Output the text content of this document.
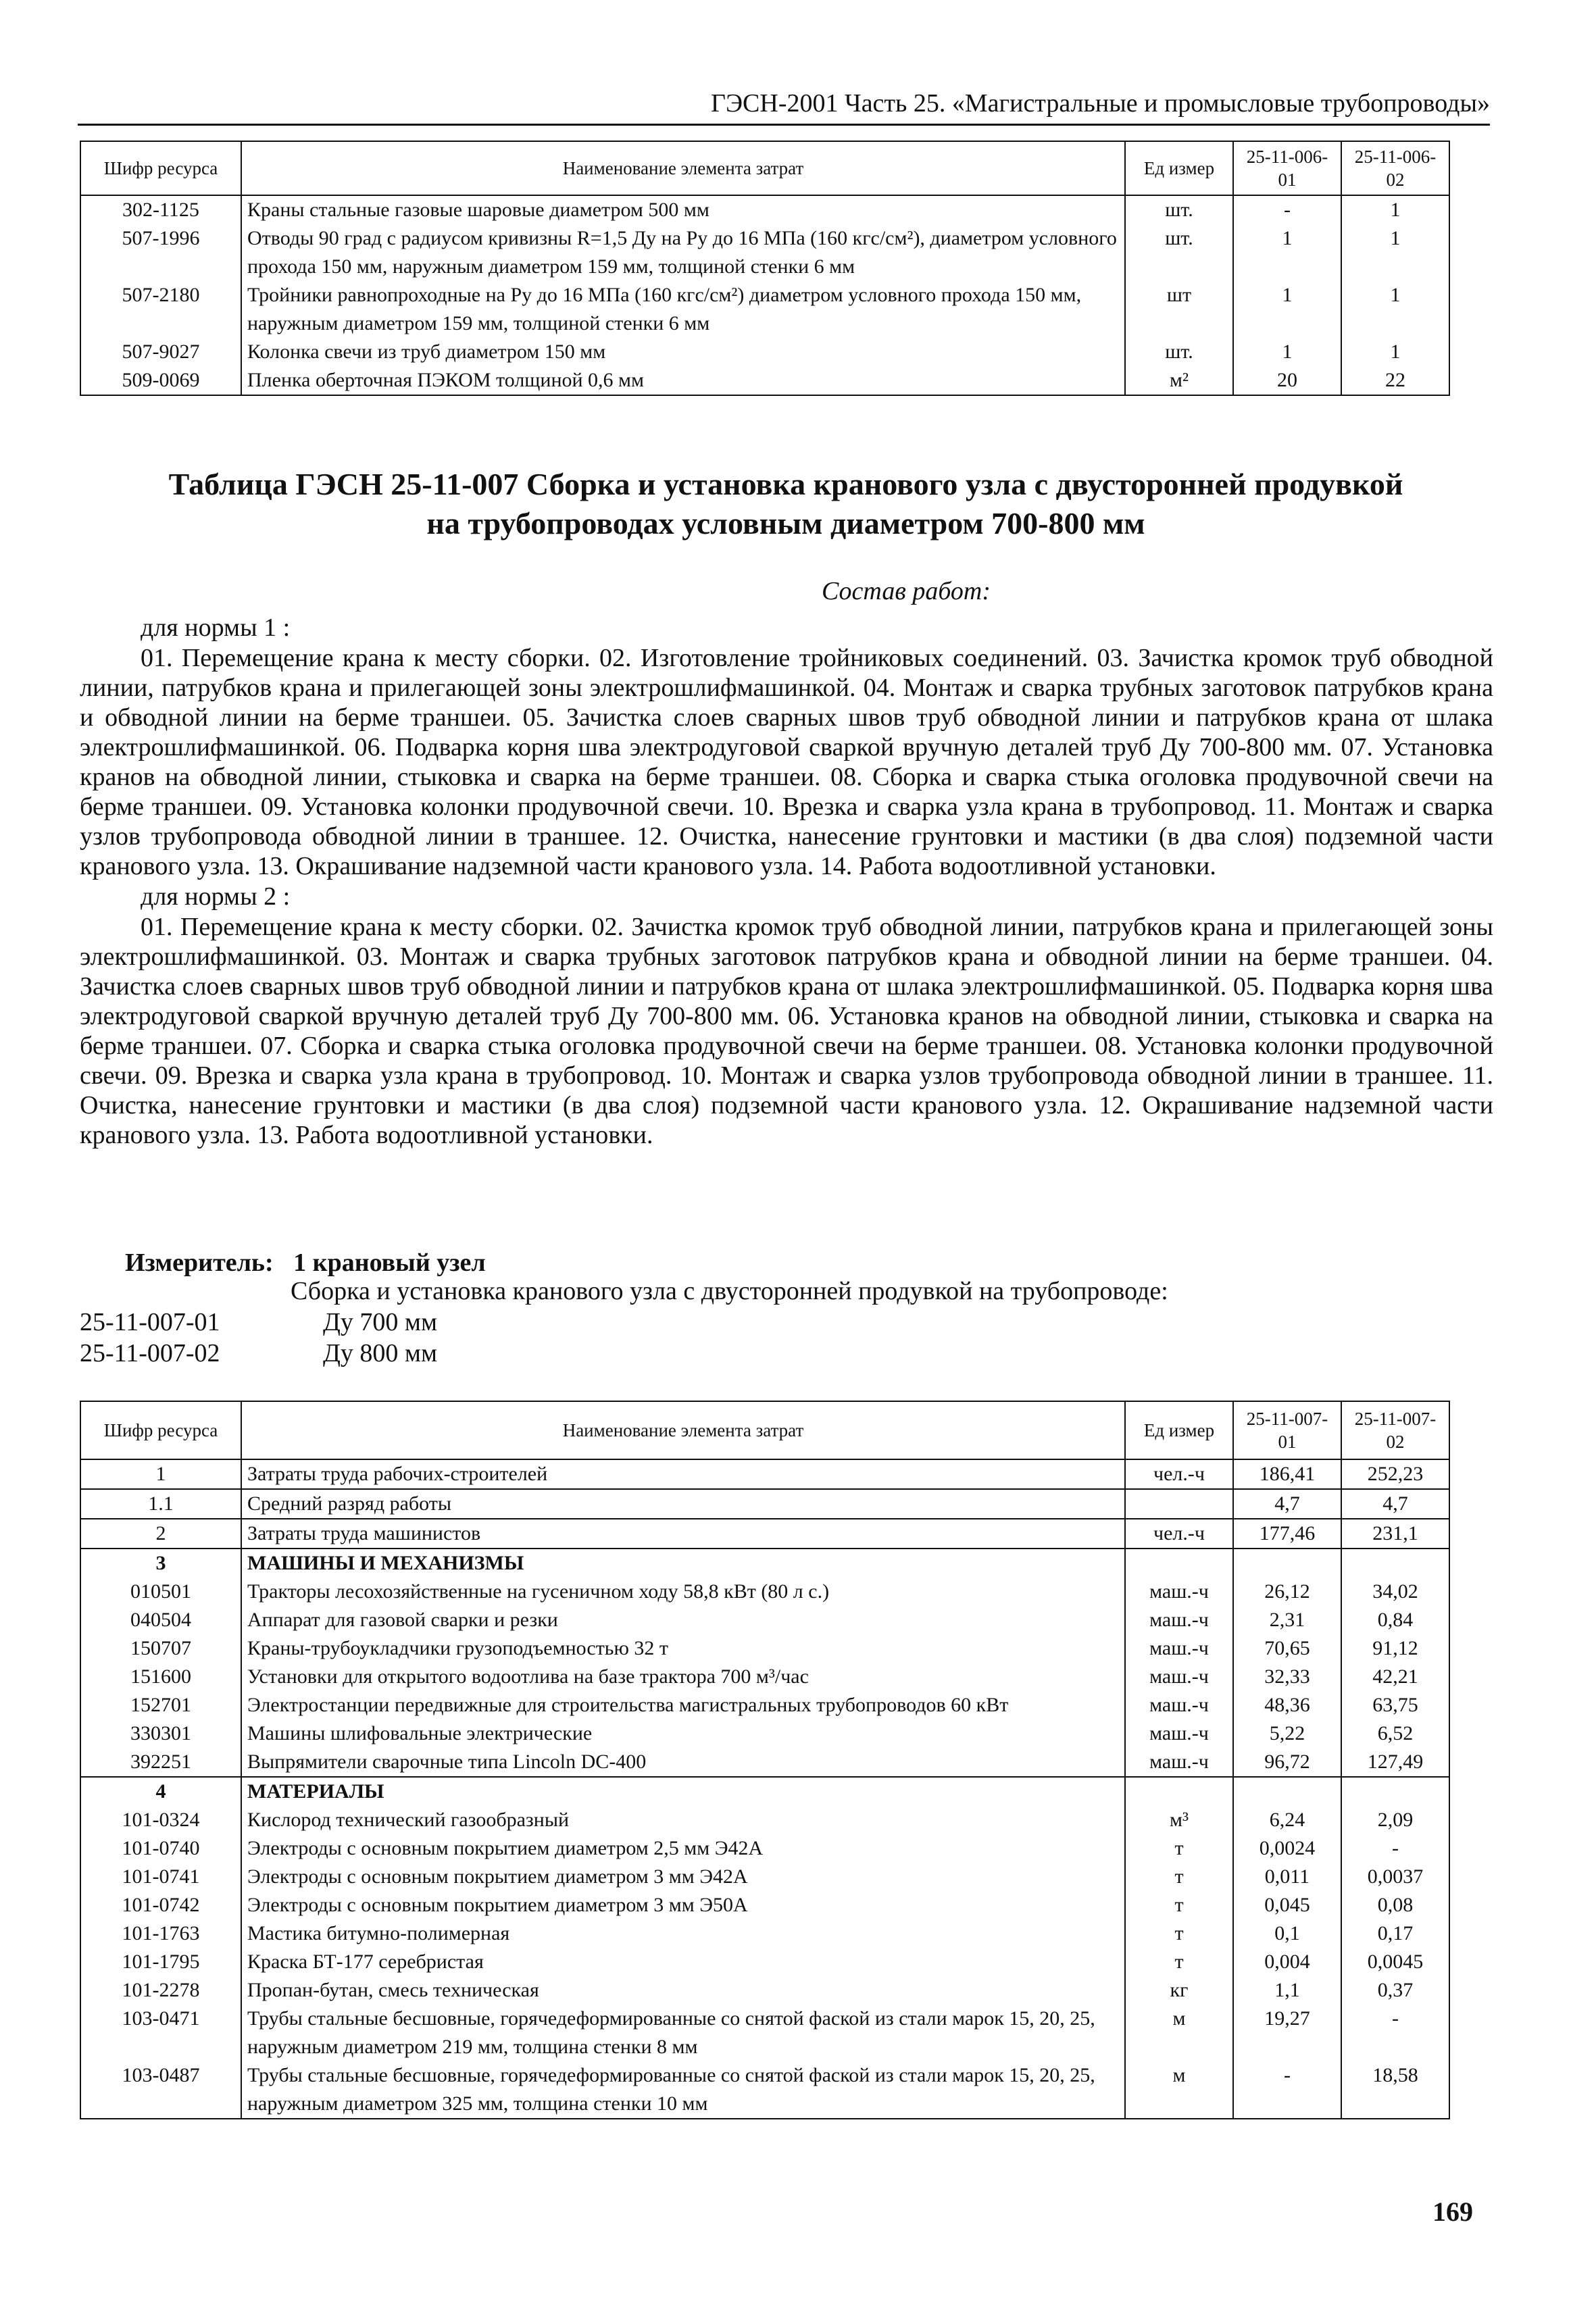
ГЭСН-2001 Часть 25. «Магистральные и промысловые трубопроводы»
Шифр ресурса	Наименование элемента затрат	Ед измер	25-11-006-01	25-11-006-02
302-1125	Краны стальные газовые шаровые диаметром 500 мм	шт.	-	1
507-1996	Отводы 90 град с радиусом кривизны R=1,5 Ду на Ру до 16 МПа (160 кгс/см²), диаметром условного прохода 150 мм, наружным диаметром 159 мм, толщиной стенки 6 мм	шт.	1	1
507-2180	Тройники равнопроходные на Ру до 16 МПа (160 кгс/см²) диаметром условного прохода 150 мм, наружным диаметром 159 мм, толщиной стенки 6 мм	шт	1	1
507-9027	Колонка свечи из труб диаметром 150 мм	шт.	1	1
509-0069	Пленка оберточная ПЭКОМ толщиной 0,6 мм	м²	20	22
Таблица ГЭСН 25-11-007 Сборка и установка кранового узла с двусторонней продувкой
на трубопроводах условным диаметром 700-800 мм
Состав работ:
для нормы 1 :
01. Перемещение крана к месту сборки. 02. Изготовление тройниковых соединений. 03. Зачистка кромок труб обводной линии, патрубков крана и прилегающей зоны электрошлифмашинкой. 04. Монтаж и сварка трубных заготовок патрубков крана и обводной линии на берме траншеи. 05. Зачистка слоев сварных швов труб обводной линии и патрубков крана от шлака электрошлифмашинкой. 06. Подварка корня шва электродуговой сваркой вручную деталей труб Ду 700-800 мм. 07. Установка кранов на обводной линии, стыковка и сварка на берме траншеи. 08. Сборка и сварка стыка оголовка продувочной свечи на берме траншеи. 09. Установка колонки продувочной свечи. 10. Врезка и сварка узла крана в трубопровод. 11. Монтаж и сварка узлов трубопровода обводной линии в траншее. 12. Очистка, нанесение грунтовки и мастики (в два слоя) подземной части кранового узла. 13. Окрашивание надземной части кранового узла. 14. Работа водоотливной установки.
для нормы 2 :
01. Перемещение крана к месту сборки. 02. Зачистка кромок труб обводной линии, патрубков крана и прилегающей зоны электрошлифмашинкой. 03. Монтаж и сварка трубных заготовок патрубков крана и обводной линии на берме траншеи. 04. Зачистка слоев сварных швов труб обводной линии и патрубков крана от шлака электрошлифмашинкой. 05. Подварка корня шва электродуговой сваркой вручную деталей труб Ду 700-800 мм. 06. Установка кранов на обводной линии, стыковка и сварка на берме траншеи. 07. Сборка и сварка стыка оголовка продувочной свечи на берме траншеи. 08. Установка колонки продувочной свечи. 09. Врезка и сварка узла крана в трубопровод. 10. Монтаж и сварка узлов трубопровода обводной линии в траншее. 11. Очистка, нанесение грунтовки и мастики (в два слоя) подземной части кранового узла. 12. Окрашивание надземной части кранового узла. 13. Работа водоотливной установки.
Измеритель: 1 крановый узел
Сборка и установка кранового узла с двусторонней продувкой на трубопроводе:
25-11-007-01	Ду 700 мм
25-11-007-02	Ду 800 мм
Шифр ресурса	Наименование элемента затрат	Ед измер	25-11-007-01	25-11-007-02
1	Затраты труда рабочих-строителей	чел.-ч	186,41	252,23
1.1	Средний разряд работы		4,7	4,7
2	Затраты труда машинистов	чел.-ч	177,46	231,1
3	МАШИНЫ И МЕХАНИЗМЫ			
010501	Тракторы лесохозяйственные на гусеничном ходу 58,8 кВт (80 л с.)	маш.-ч	26,12	34,02
040504	Аппарат для газовой сварки и резки	маш.-ч	2,31	0,84
150707	Краны-трубоукладчики грузоподъемностью 32 т	маш.-ч	70,65	91,12
151600	Установки для открытого водоотлива на базе трактора 700 м³/час	маш.-ч	32,33	42,21
152701	Электростанции передвижные для строительства магистральных трубопроводов 60 кВт	маш.-ч	48,36	63,75
330301	Машины шлифовальные электрические	маш.-ч	5,22	6,52
392251	Выпрямители сварочные типа Lincoln DC-400	маш.-ч	96,72	127,49
4	МАТЕРИАЛЫ			
101-0324	Кислород технический газообразный	м³	6,24	2,09
101-0740	Электроды с основным покрытием диаметром 2,5 мм Э42А	т	0,0024	-
101-0741	Электроды с основным покрытием диаметром 3 мм Э42А	т	0,011	0,0037
101-0742	Электроды с основным покрытием диаметром 3 мм Э50А	т	0,045	0,08
101-1763	Мастика битумно-полимерная	т	0,1	0,17
101-1795	Краска БТ-177 серебристая	т	0,004	0,0045
101-2278	Пропан-бутан, смесь техническая	кг	1,1	0,37
103-0471	Трубы стальные бесшовные, горячедеформированные со снятой фаской из стали марок 15, 20, 25, наружным диаметром 219 мм, толщина стенки 8 мм	м	19,27	-
103-0487	Трубы стальные бесшовные, горячедеформированные со снятой фаской из стали марок 15, 20, 25, наружным диаметром 325 мм, толщина стенки 10 мм	м	-	18,58
169
